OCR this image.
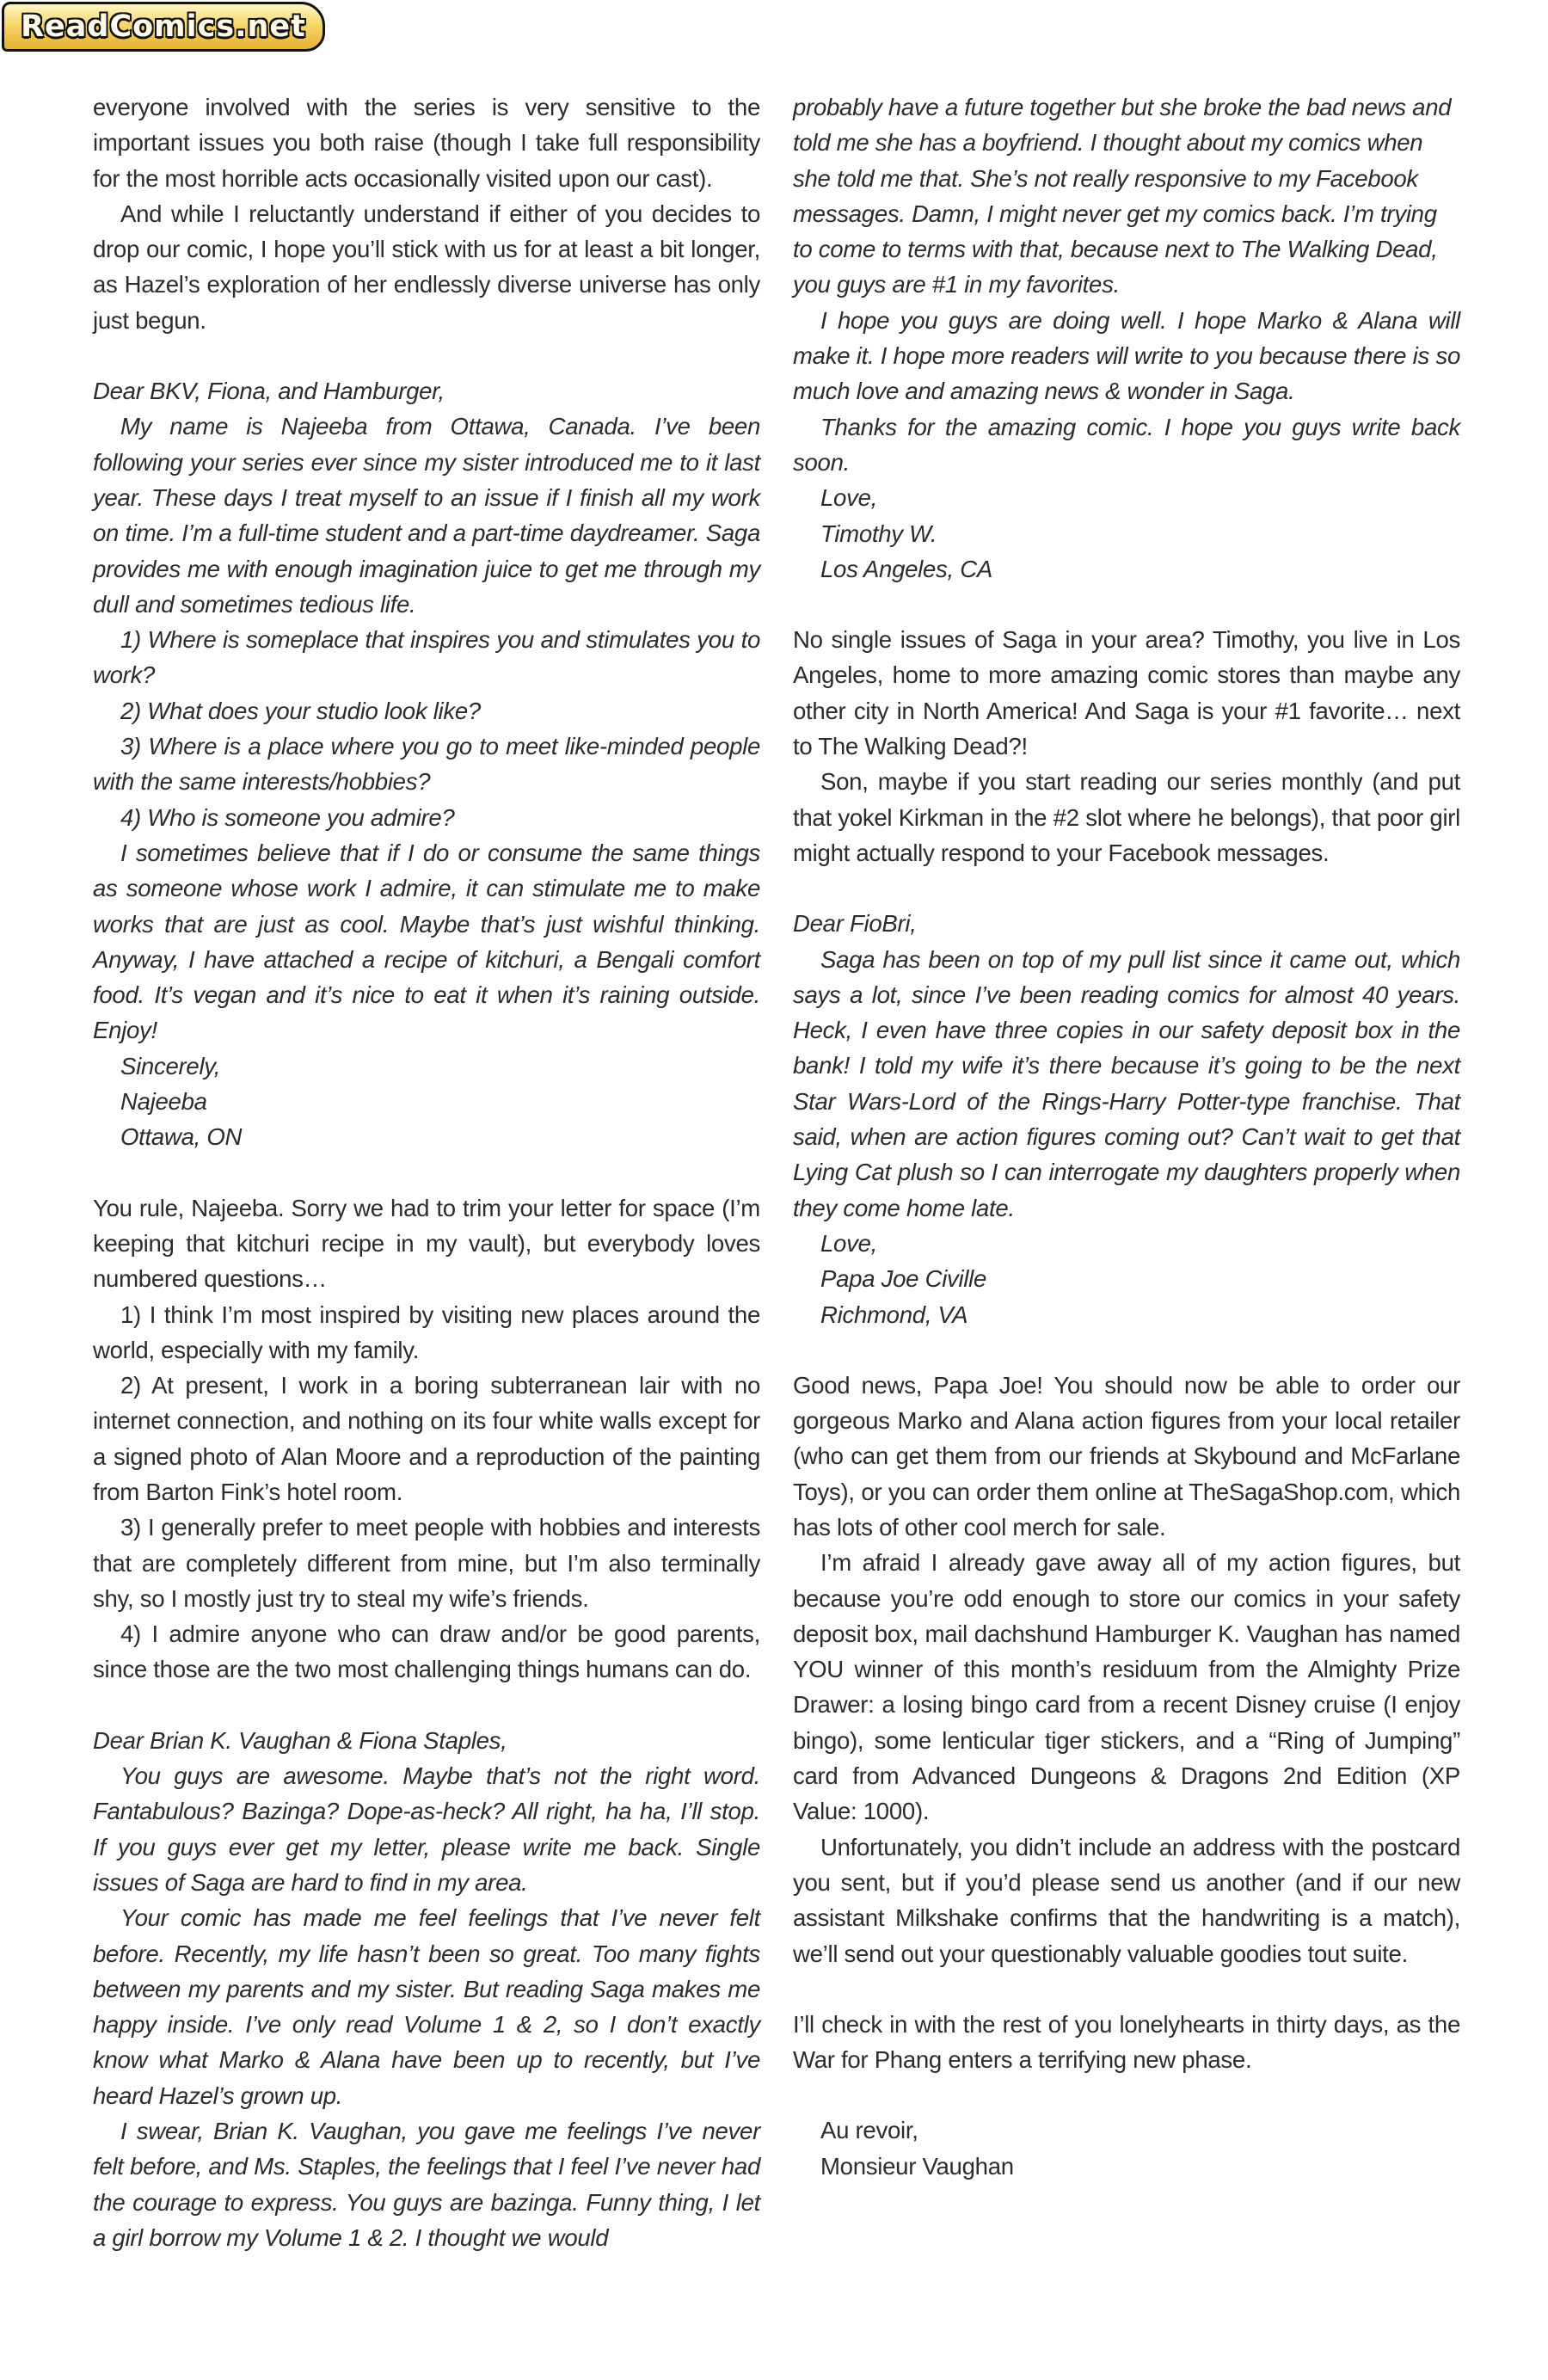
ReadComics.net

everyone involved with the series is very sensitive to the important issues you both raise (though I take full responsibility for the most horrible acts occasionally visited upon our cast).

And while I reluctantly understand if either of you decides to drop our comic, I hope you’ll stick with us for at least a bit longer, as Hazel’s exploration of her endlessly diverse universe has only just begun.

Dear BKV, Fiona, and Hamburger,

My name is Najeeba from Ottawa, Canada. I’ve been following your series ever since my sister introduced me to it last year. These days I treat myself to an issue if I finish all my work on time. I’m a full-time student and a part-time daydreamer. Saga provides me with enough imagination juice to get me through my dull and sometimes tedious life.

1) Where is someplace that inspires you and stimulates you to work?

2) What does your studio look like?

3) Where is a place where you go to meet like-minded people with the same interests/hobbies?

4) Who is someone you admire?

I sometimes believe that if I do or consume the same things as someone whose work I admire, it can stimulate me to make works that are just as cool. Maybe that’s just wishful thinking. Anyway, I have attached a recipe of kitchuri, a Bengali comfort food. It’s vegan and it’s nice to eat it when it’s raining outside. Enjoy!

Sincerely,

Najeeba

Ottawa, ON

You rule, Najeeba. Sorry we had to trim your letter for space (I’m keeping that kitchuri recipe in my vault), but everybody loves numbered questions…

1) I think I’m most inspired by visiting new places around the world, especially with my family.

2) At present, I work in a boring subterranean lair with no internet connection, and nothing on its four white walls except for a signed photo of Alan Moore and a reproduction of the painting from Barton Fink’s hotel room.

3) I generally prefer to meet people with hobbies and interests that are completely different from mine, but I’m also terminally shy, so I mostly just try to steal my wife’s friends.

4) I admire anyone who can draw and/or be good parents, since those are the two most challenging things humans can do.

Dear Brian K. Vaughan & Fiona Staples,

You guys are awesome. Maybe that’s not the right word. Fantabulous? Bazinga? Dope-as-heck? All right, ha ha, I’ll stop. If you guys ever get my letter, please write me back. Single issues of Saga are hard to find in my area.

Your comic has made me feel feelings that I’ve never felt before. Recently, my life hasn’t been so great. Too many fights between my parents and my sister. But reading Saga makes me happy inside. I’ve only read Volume 1 & 2, so I don’t exactly know what Marko & Alana have been up to recently, but I’ve heard Hazel’s grown up.

I swear, Brian K. Vaughan, you gave me feelings I’ve never felt before, and Ms. Staples, the feelings that I feel I’ve never had the courage to express. You guys are bazinga. Funny thing, I let a girl borrow my Volume 1 & 2. I thought we would

probably have a future together but she broke the bad news and told me she has a boyfriend. I thought about my comics when she told me that. She’s not really responsive to my Facebook messages. Damn, I might never get my comics back. I’m trying to come to terms with that, because next to The Walking Dead, you guys are #1 in my favorites.

I hope you guys are doing well. I hope Marko & Alana will make it. I hope more readers will write to you because there is so much love and amazing news & wonder in Saga.

Thanks for the amazing comic. I hope you guys write back soon.

Love,

Timothy W.

Los Angeles, CA

No single issues of Saga in your area? Timothy, you live in Los Angeles, home to more amazing comic stores than maybe any other city in North America! And Saga is your #1 favorite… next to The Walking Dead?!

Son, maybe if you start reading our series monthly (and put that yokel Kirkman in the #2 slot where he belongs), that poor girl might actually respond to your Facebook messages.

Dear FioBri,

Saga has been on top of my pull list since it came out, which says a lot, since I’ve been reading comics for almost 40 years. Heck, I even have three copies in our safety deposit box in the bank! I told my wife it’s there because it’s going to be the next Star Wars-Lord of the Rings-Harry Potter-type franchise. That said, when are action figures coming out? Can’t wait to get that Lying Cat plush so I can interrogate my daughters properly when they come home late.

Love,

Papa Joe Civille

Richmond, VA

Good news, Papa Joe! You should now be able to order our gorgeous Marko and Alana action figures from your local retailer (who can get them from our friends at Skybound and McFarlane Toys), or you can order them online at TheSagaShop.com, which has lots of other cool merch for sale.

I’m afraid I already gave away all of my action figures, but because you’re odd enough to store our comics in your safety deposit box, mail dachshund Hamburger K. Vaughan has named YOU winner of this month’s residuum from the Almighty Prize Drawer: a losing bingo card from a recent Disney cruise (I enjoy bingo), some lenticular tiger stickers, and a “Ring of Jumping” card from Advanced Dungeons & Dragons 2nd Edition (XP Value: 1000).

Unfortunately, you didn’t include an address with the postcard you sent, but if you’d please send us another (and if our new assistant Milkshake confirms that the handwriting is a match), we’ll send out your questionably valuable goodies tout suite.

I’ll check in with the rest of you lonelyhearts in thirty days, as the War for Phang enters a terrifying new phase.

Au revoir,

Monsieur Vaughan
